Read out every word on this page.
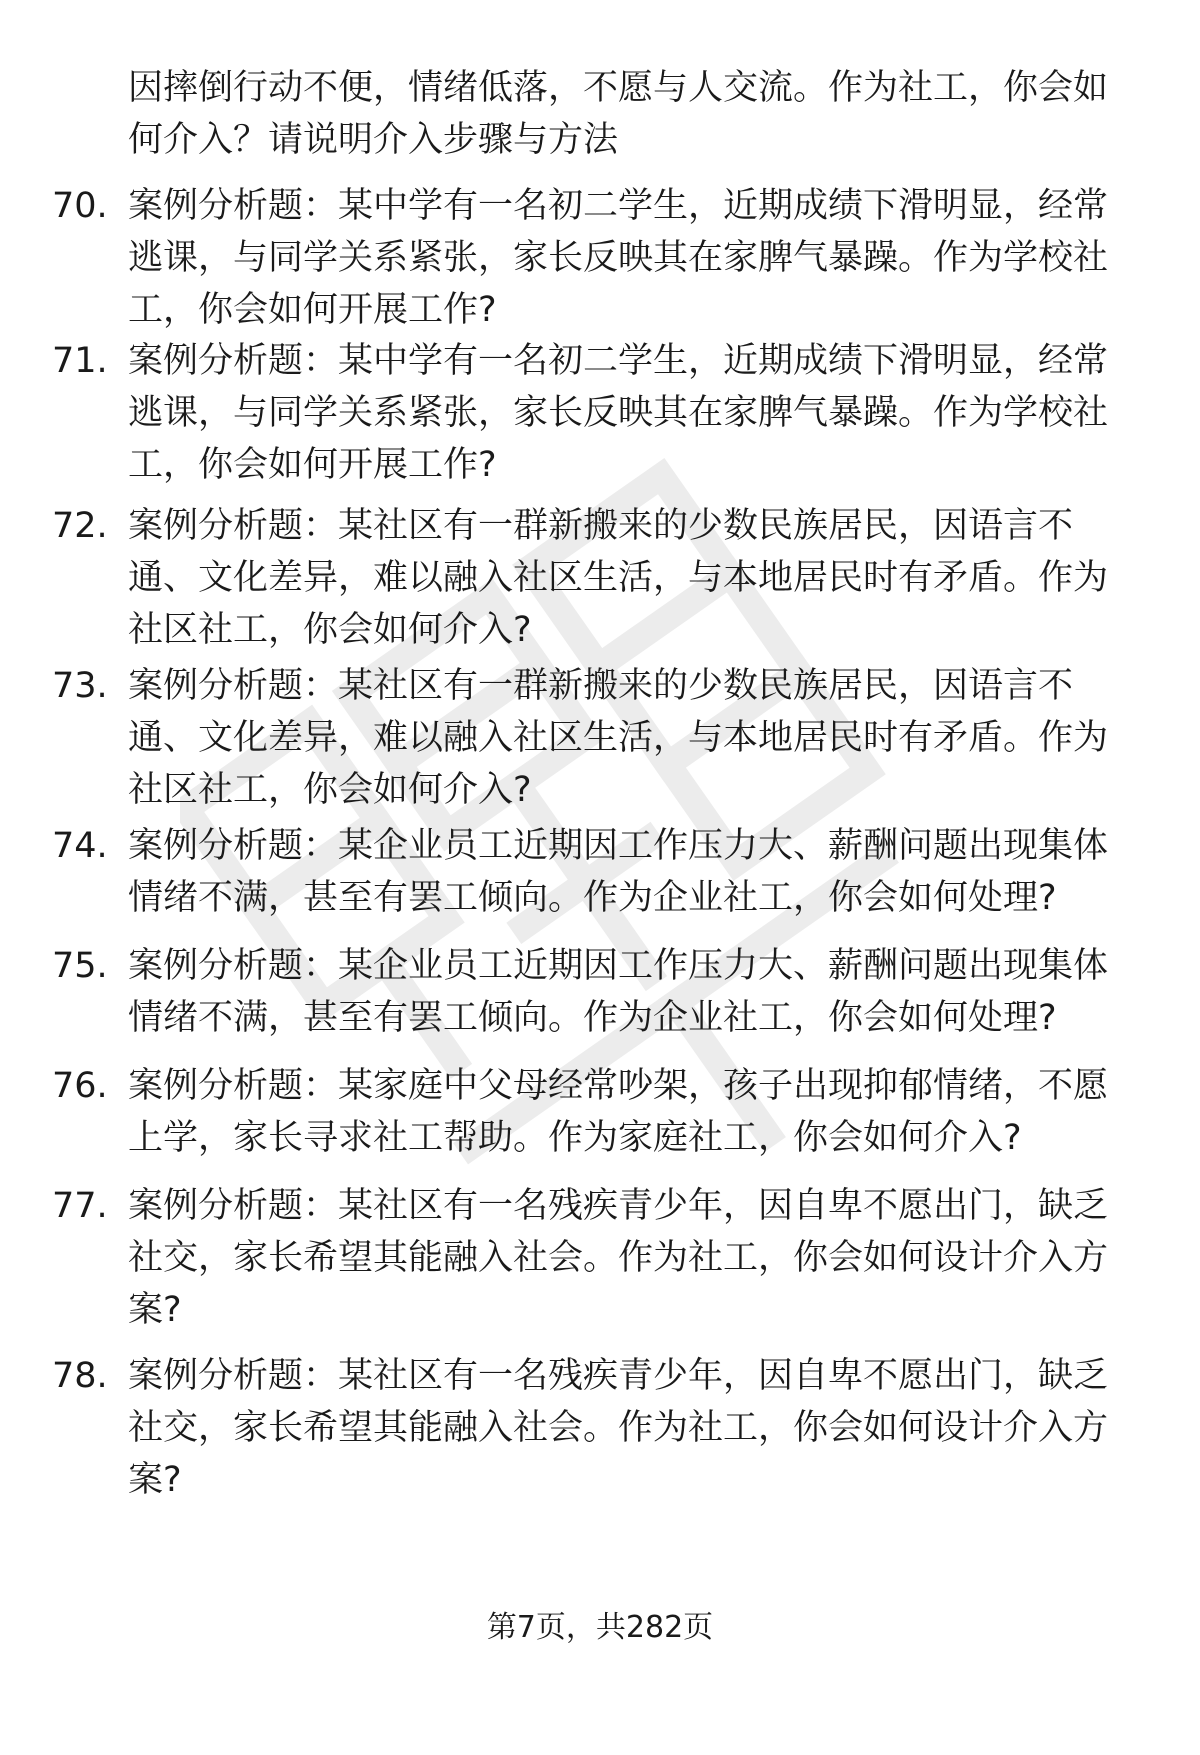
因摔倒行动不便，情绪低落，不愿与人交流。作为社工，你会如何介入？请说明介入步骤与方法

70. 案例分析题：某中学有一名初二学生，近期成绩下滑明显，经常逃课，与同学关系紧张，家长反映其在家脾气暴躁。作为学校社工，你会如何开展工作?

71. 案例分析题：某中学有一名初二学生，近期成绩下滑明显，经常逃课，与同学关系紧张，家长反映其在家脾气暴躁。作为学校社工，你会如何开展工作?

72. 案例分析题：某社区有一群新搬来的少数民族居民，因语言不通、文化差异，难以融入社区生活，与本地居民时有矛盾。作为社区社工，你会如何介入?

73. 案例分析题：某社区有一群新搬来的少数民族居民，因语言不通、文化差异，难以融入社区生活，与本地居民时有矛盾。作为社区社工，你会如何介入?

74. 案例分析题：某企业员工近期因工作压力大、薪酬问题出现集体情绪不满，甚至有罢工倾向。作为企业社工，你会如何处理?

75. 案例分析题：某企业员工近期因工作压力大、薪酬问题出现集体情绪不满，甚至有罢工倾向。作为企业社工，你会如何处理?

76. 案例分析题：某家庭中父母经常吵架，孩子出现抑郁情绪，不愿上学，家长寻求社工帮助。作为家庭社工，你会如何介入?

77. 案例分析题：某社区有一名残疾青少年，因自卑不愿出门，缺乏社交，家长希望其能融入社会。作为社工，你会如何设计介入方案?

78. 案例分析题：某社区有一名残疾青少年，因自卑不愿出门，缺乏社交，家长希望其能融入社会。作为社工，你会如何设计介入方案?

第7页，共282页
